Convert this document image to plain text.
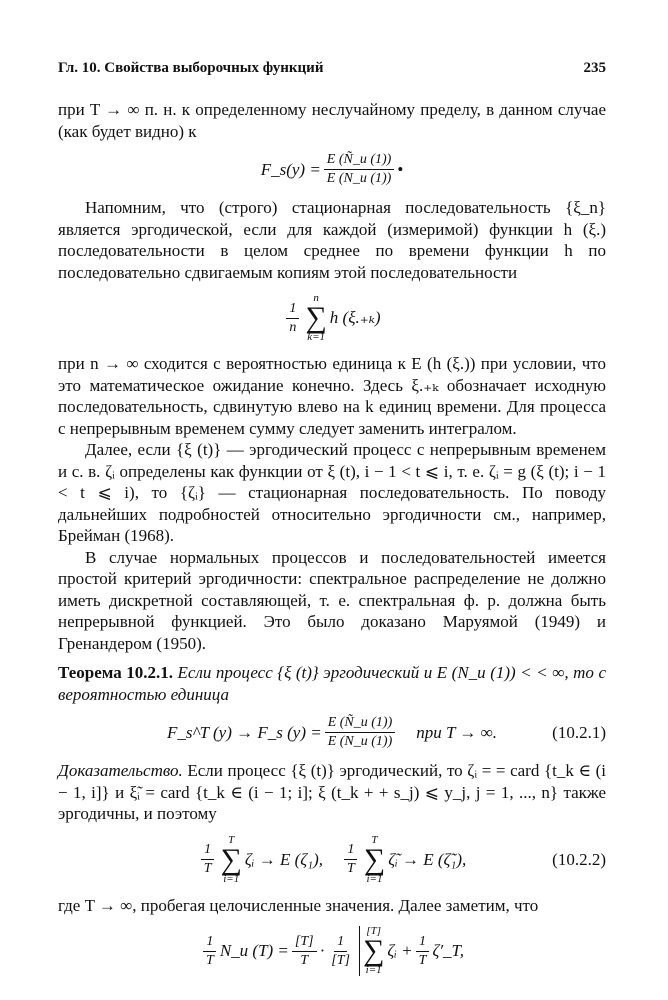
Гл. 10. Свойства выборочных функций	235

при T → ∞ п. н. к определенному неслучайному пределу, в данном случае (как будет видно) к

F_s(y) = $\frac{E (Ñ\_u (1))}{E (N\_u (1))}$ •

Напомним, что (строго) стационарная последовательность {ξ_n} является эргодической, если для каждой (измеримой) функции h (ξ.) последовательности в целом среднее по времени функции h по последовательно сдвигаемым копиям этой последовательности

$\frac{1}{n}$
n
∑
k=1
h (ξ.₊ₖ)

при n → ∞ сходится с вероятностью единица к E (h (ξ.)) при условии, что это математическое ожидание конечно. Здесь ξ.₊ₖ обозначает исходную последовательность, сдвинутую влево на k единиц времени. Для процесса с непрерывным временем сумму следует заменить интегралом.

Далее, если {ξ (t)} — эргодический процесс с непрерывным временем и с. в. ζᵢ определены как функции от ξ (t), i − 1 < t ⩽ i, т. е. ζᵢ = g (ξ (t); i − 1 < t ⩽ i), то {ζᵢ} — стационарная последовательность. По поводу дальнейших подробностей относительно эргодичности см., например, Брейман (1968).

В случае нормальных процессов и последовательностей имеется простой критерий эргодичности: спектральное распределение не должно иметь дискретной составляющей, т. е. спектральная ф. р. должна быть непрерывной функцией. Это было доказано Маруямой (1949) и Гренандером (1950).

Теорема 10.2.1. Если процесс {ξ (t)} эргодический и E (N_u (1)) < < ∞, то с вероятностью единица

F_s^T (y) → F_s $(y) = \frac{E (Ñ\_u (1))}{E (N\_u (1))}$ при T → ∞.	(10.2.1)

Доказательство. Если процесс {ξ (t)} эргодический, то ζᵢ = = card {t_k ∈ (i − 1, i]} и ξ̃ᵢ = card {t_k ∈ (i − 1; i]; ξ (t_k + + s_j) ⩽ y_j, j = 1, ..., n} также эргодичны, и поэтому

$\frac{1}{T}$
T
∑
i=1
ζᵢ → E (ζ₁), $\frac{1}{T}$
T
∑
i=1
ζ̃ᵢ → E (ζ̃₁),	(10.2.2)

где T → ∞, пробегая целочисленные значения. Далее заметим, что

$\frac{1}{T}$ N_u $(T) = \frac{[T]}{T} \cdot \frac{1}{[T]}$
[T]
∑
i=1
ζᵢ + $\frac{1}{T}$ ζ′_T,
